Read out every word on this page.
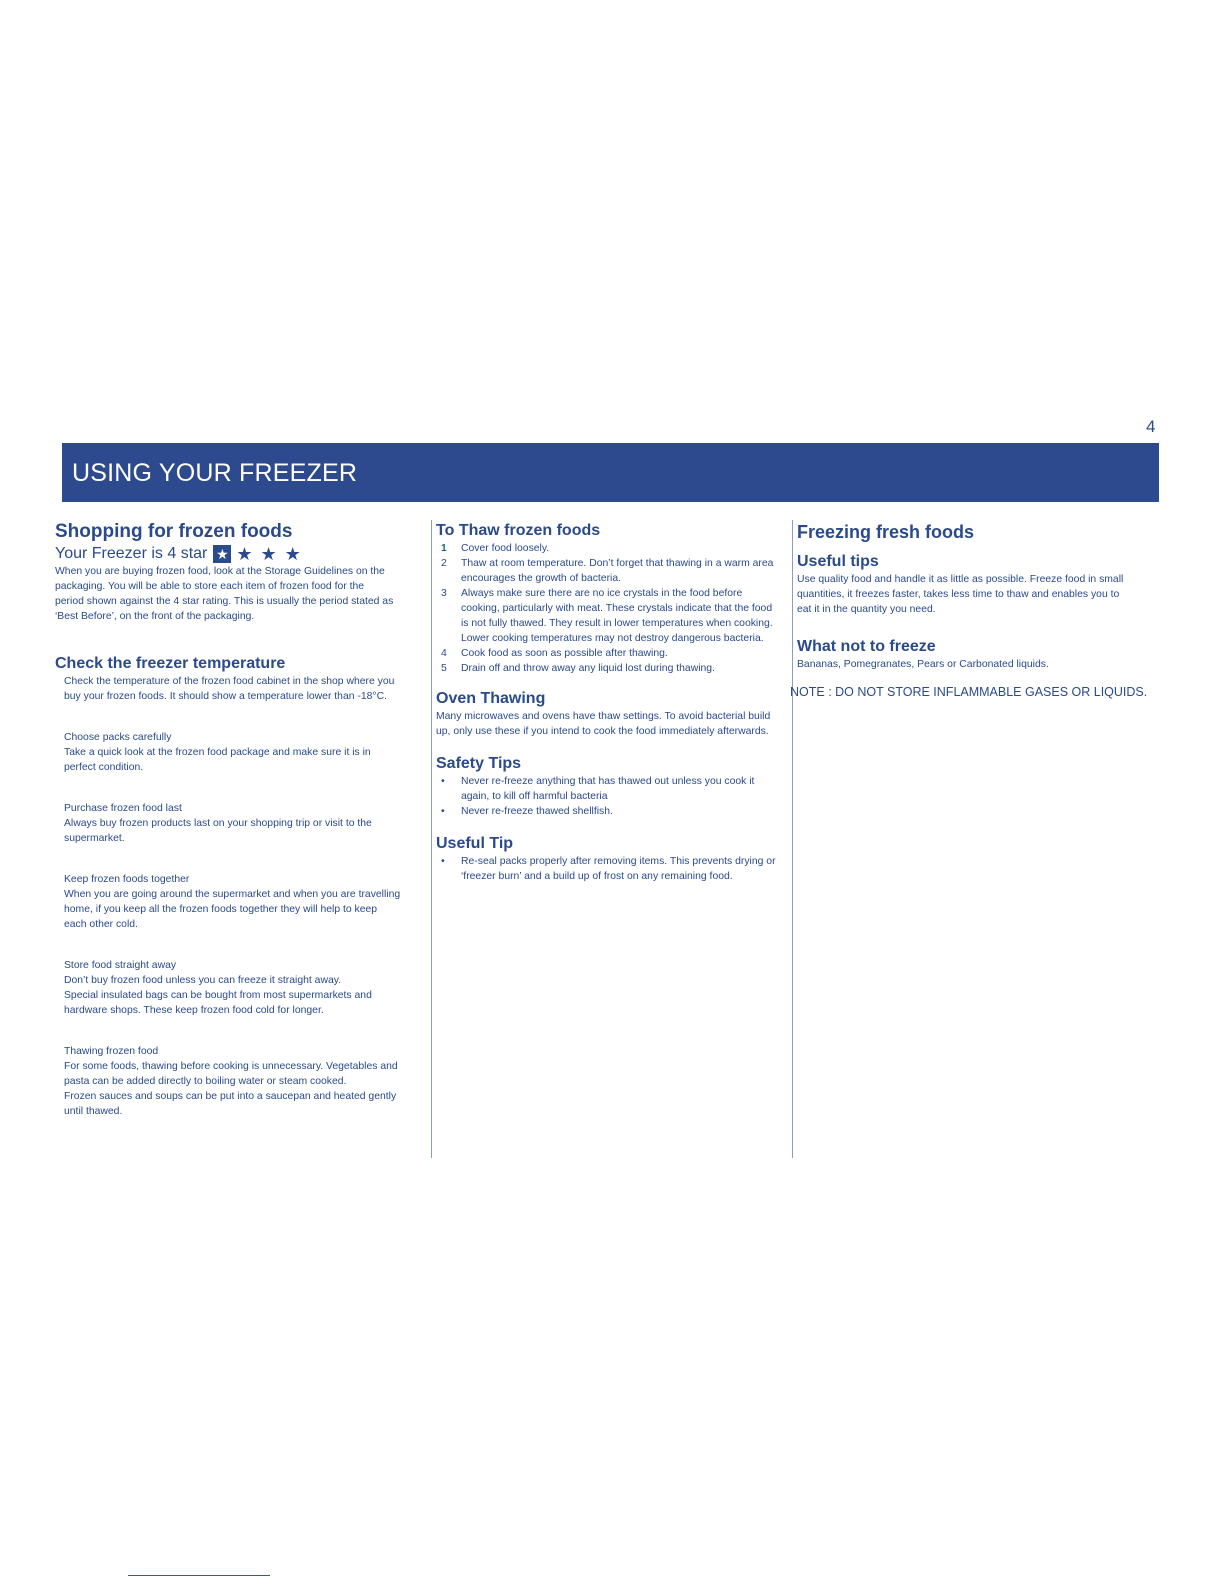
4
USING YOUR FREEZER
Shopping for frozen foods
Your Freezer is 4 star ★ ★ ★ ★

When you are buying frozen food, look at the Storage Guidelines on the

packaging. You will be able to store each item of frozen food for the

period shown against the 4 star rating. This is usually the period stated as

‘Best Before’, on the front of the packaging.

Check the freezer temperature

Check the temperature of the frozen food cabinet in the shop where you

buy your frozen foods. It should show a temperature lower than -18°C.

Choose packs carefully

Take a quick look at the frozen food package and make sure it is in

perfect condition.

Purchase frozen food last

Always buy frozen products last on your shopping trip or visit to the

supermarket.

Keep frozen foods together

When you are going around the supermarket and when you are travelling

home, if you keep all the frozen foods together they will help to keep

each other cold.

Store food straight away

Don’t buy frozen food unless you can freeze it straight away.

Special insulated bags can be bought from most supermarkets and

hardware shops. These keep frozen food cold for longer.

Thawing frozen food

For some foods, thawing before cooking is unnecessary. Vegetables and

pasta can be added directly to boiling water or steam cooked.

Frozen sauces and soups can be put into a saucepan and heated gently

until thawed.

To Thaw frozen foods
1	Cover food loosely.
2	Thaw at room temperature. Don’t forget that thawing in a warm area
encourages the growth of bacteria.
3	Always make sure there are no ice crystals in the food before
cooking, particularly with meat. These crystals indicate that the food
is not fully thawed. They result in lower temperatures when cooking.
Lower cooking temperatures may not destroy dangerous bacteria.
4	Cook food as soon as possible after thawing.
5	Drain off and throw away any liquid lost during thawing.
Oven Thawing

Many microwaves and ovens have thaw settings. To avoid bacterial build

up, only use these if you intend to cook the food immediately afterwards.

Safety Tips
•	Never re-freeze anything that has thawed out unless you cook it
again, to kill off harmful bacteria
•	Never re-freeze thawed shellfish.
Useful Tip
•	Re-seal packs properly after removing items. This prevents drying or
‘freezer burn’ and a build up of frost on any remaining food.
Freezing fresh foods
Useful tips

Use quality food and handle it as little as possible. Freeze food in small

quantities, it freezes faster, takes less time to thaw and enables you to

eat it in the quantity you need.

What not to freeze

Bananas, Pomegranates, Pears or Carbonated liquids.

NOTE : DO NOT STORE INFLAMMABLE GASES OR LIQUIDS.
